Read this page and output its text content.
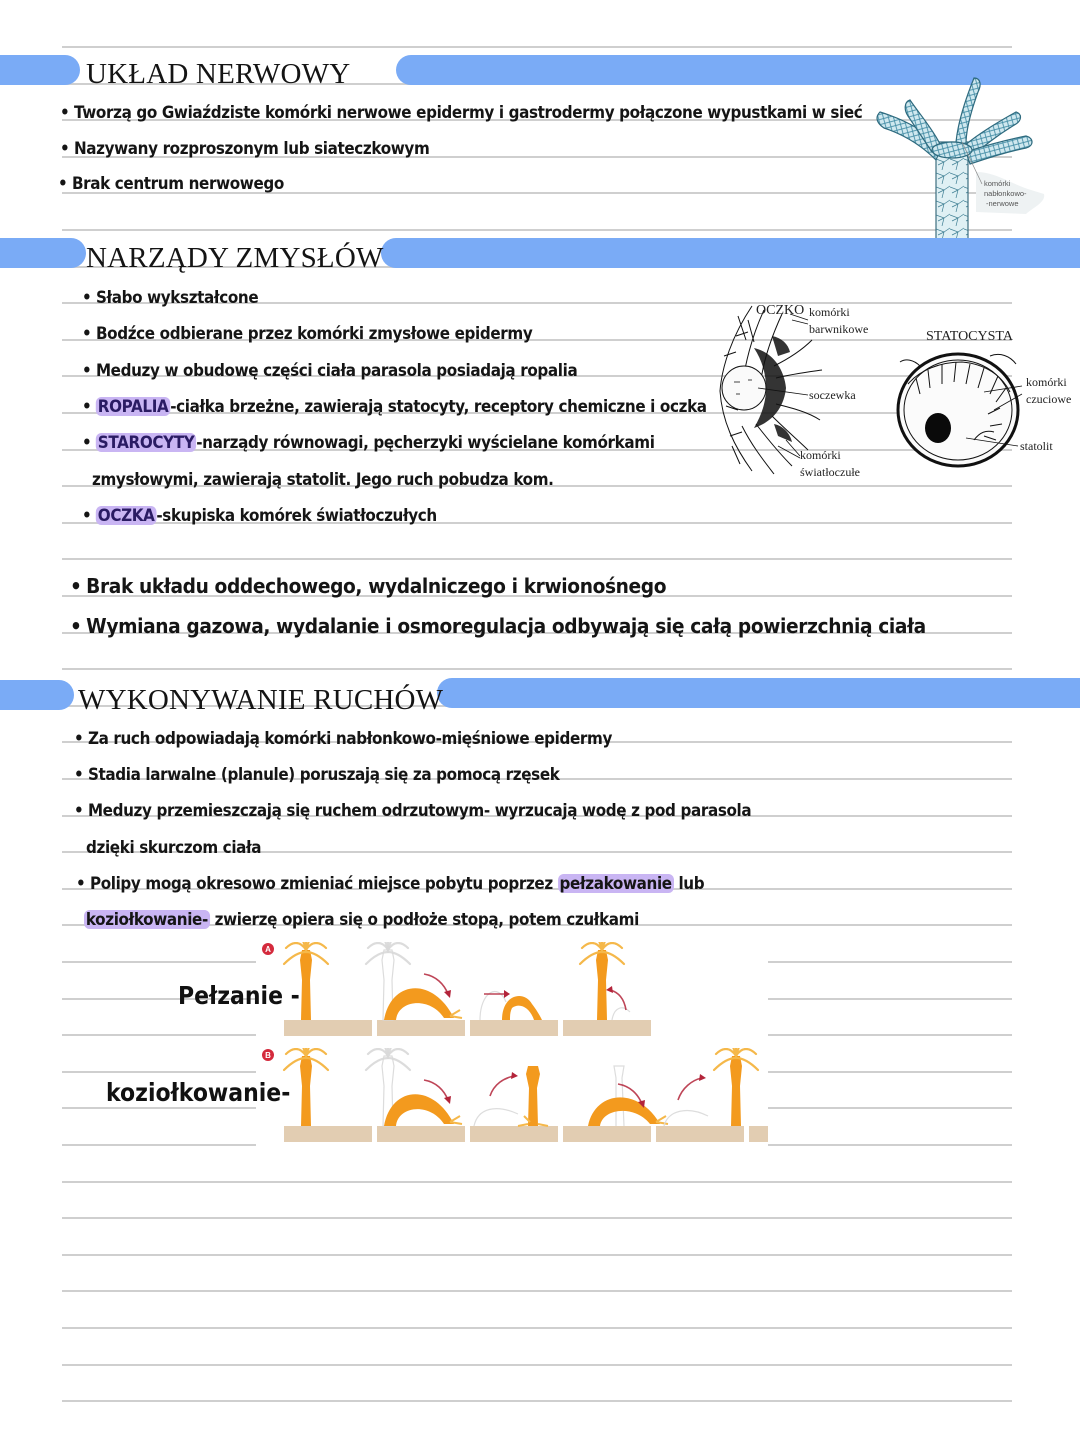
UKŁAD NERWOWY
• Tworzą go Gwiaździste komórki nerwowe epidermy i gastrodermy połączone wypustkami w sieć
• Nazywany rozproszonym lub siateczkowym
• Brak centrum nerwowego	komórki
nabłonkowo-
-nerwowe
NARZĄDY ZMYSŁÓW
• Słabo wykształcone
• Bodźce odbierane przez komórki zmysłowe epidermy
• Meduzy w obudowę części ciała parasola posiadają ropalia
• ROPALIA -ciałka brzeżne, zawierają statocyty, receptory chemiczne i oczka
• STAROCYTY -narządy równowagi, pęcherzyki wyścielane komórkami
zmysłowymi, zawierają statolit. Jego ruch pobudza kom.
• OCZKA -skupiska komórek światłoczułych
OCZKO komórki
barwnikowe
soczewka
komórki
światłoczułe
STATOCYSTA
komórki
czuciowe
statolit
• Brak układu oddechowego, wydalniczego i krwionośnego
• Wymiana gazowa, wydalanie i osmoregulacja odbywają się całą powierzchnią ciała
WYKONYWANIE RUCHÓW
• Za ruch odpowiadają komórki nabłonkowo-mięśniowe epidermy
• Stadia larwalne (planule) poruszają się za pomocą rzęsek
• Meduzy przemieszczają się ruchem odrzutowym- wyrzucają wodę z pod parasola
dzięki skurczom ciała
• Polipy mogą okresowo zmieniać miejsce pobytu poprzez pełzakowanie lub
koziołkowanie- zwierzę opiera się o podłoże stopą, potem czułkami
Pełzanie -
koziołkowanie-
A
B
